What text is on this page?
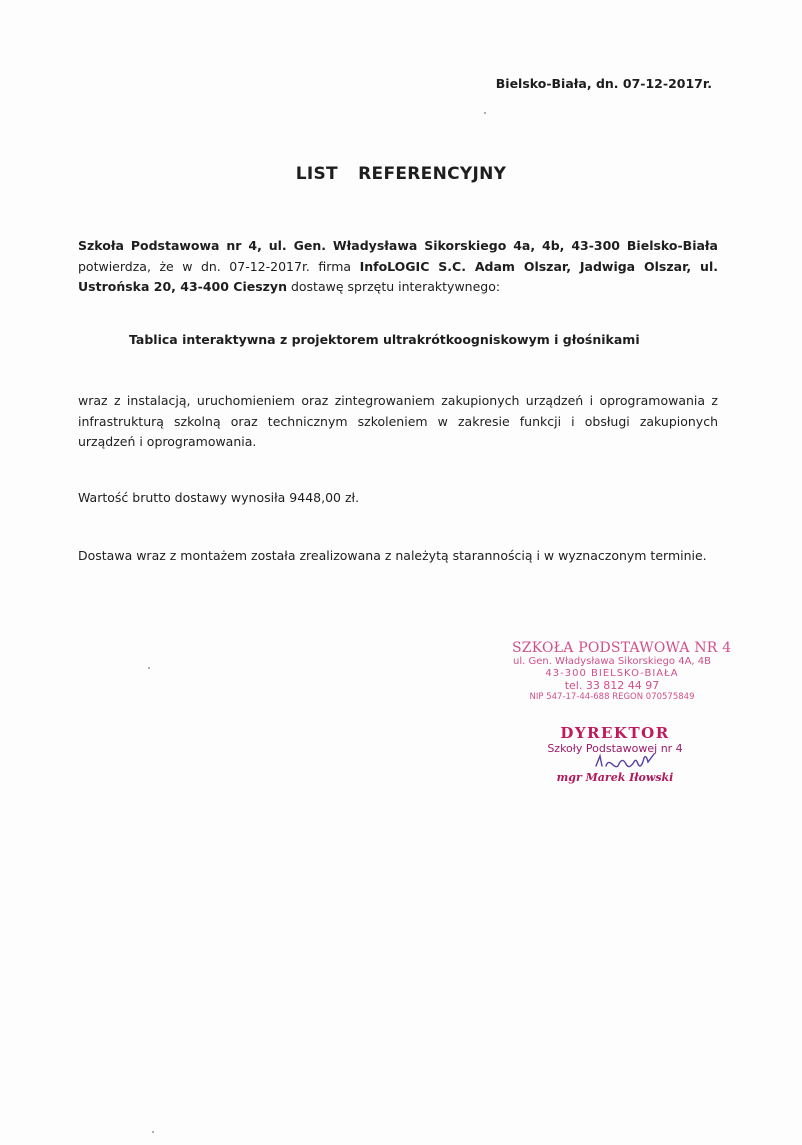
Bielsko-Biała, dn. 07-12-2017r.
LIST REFERENCYJNY
Szkoła Podstawowa nr 4, ul. Gen. Władysława Sikorskiego 4a, 4b, 43-300 Bielsko-Biała potwierdza, że w dn. 07-12-2017r. firma InfoLOGIC S.C. Adam Olszar, Jadwiga Olszar, ul. Ustrońska 20, 43-400 Cieszyn dostawę sprzętu interaktywnego:
Tablica interaktywna z projektorem ultrakrótkoogniskowym i głośnikami
wraz z instalacją, uruchomieniem oraz zintegrowaniem zakupionych urządzeń i oprogramowania z infrastrukturą szkolną oraz technicznym szkoleniem w zakresie funkcji i obsługi zakupionych urządzeń i oprogramowania.
Wartość brutto dostawy wynosiła 9448,00 zł.
Dostawa wraz z montażem została zrealizowana z należytą starannością i w wyznaczonym terminie.
SZKOŁA PODSTAWOWA NR 4
ul. Gen. Władysława Sikorskiego 4A, 4B
43-300 BIELSKO-BIAŁA
tel. 33 812 44 97
NIP 547-17-44-688 REGON 070575849
DYREKTOR
Szkoły Podstawowej nr 4
mgr Marek Iłowski
